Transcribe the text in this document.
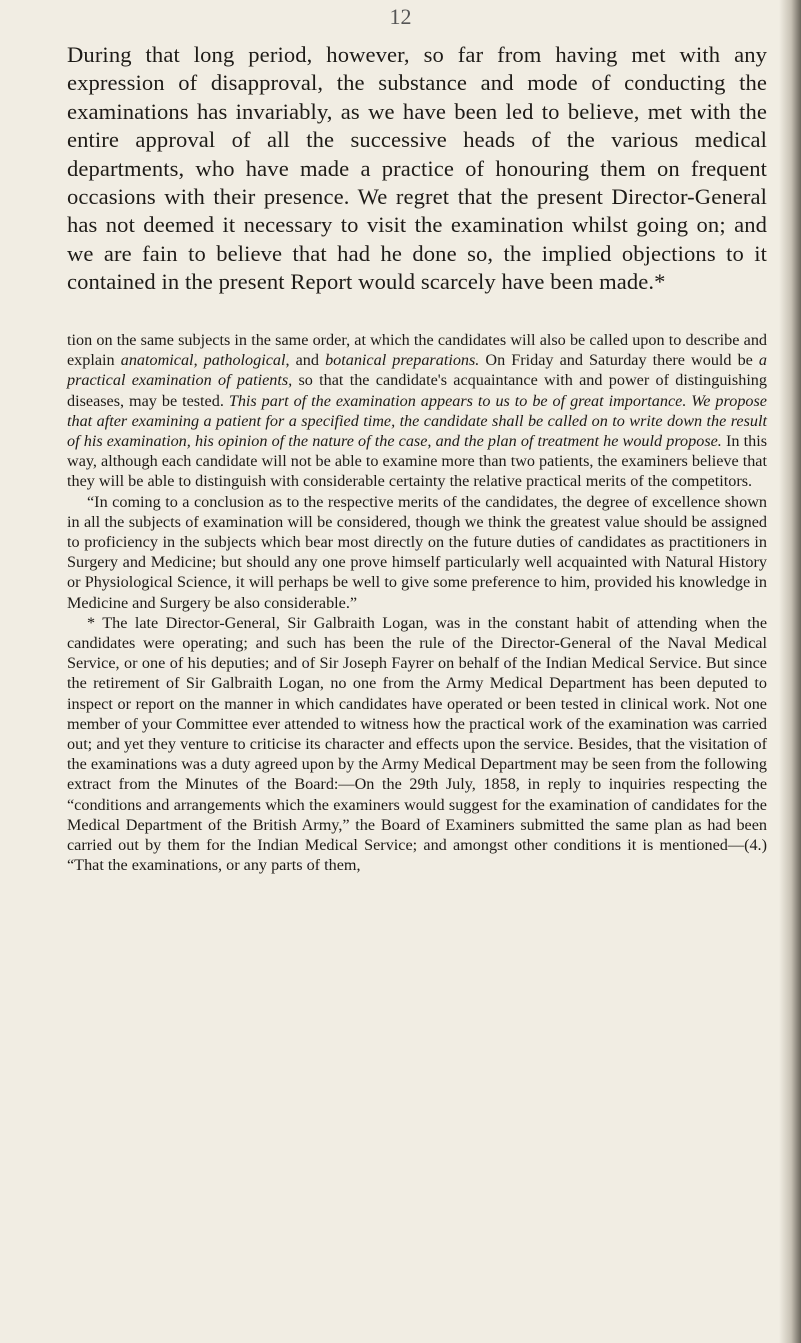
12

During that long period, however, so far from having met with any expression of disapproval, the substance and mode of conducting the examinations has invariably, as we have been led to believe, met with the entire approval of all the successive heads of the various medical departments, who have made a practice of honouring them on frequent occasions with their presence. We regret that the present Director-General has not deemed it necessary to visit the examination whilst going on; and we are fain to believe that had he done so, the implied objections to it contained in the present Report would scarcely have been made.*

tion on the same subjects in the same order, at which the candidates will also be called upon to describe and explain anatomical, pathological, and botanical preparations. On Friday and Saturday there would be a practical examination of patients, so that the candidate's acquaintance with and power of distinguishing diseases, may be tested. This part of the examination appears to us to be of great importance. We propose that after examining a patient for a specified time, the candidate shall be called on to write down the result of his examination, his opinion of the nature of the case, and the plan of treatment he would propose. In this way, although each candidate will not be able to examine more than two patients, the examiners believe that they will be able to distinguish with considerable certainty the relative practical merits of the competitors.

“In coming to a conclusion as to the respective merits of the candidates, the degree of excellence shown in all the subjects of examination will be considered, though we think the greatest value should be assigned to proficiency in the subjects which bear most directly on the future duties of candidates as practitioners in Surgery and Medicine; but should any one prove himself particularly well acquainted with Natural History or Physiological Science, it will perhaps be well to give some preference to him, provided his knowledge in Medicine and Surgery be also considerable.”

* The late Director-General, Sir Galbraith Logan, was in the constant habit of attending when the candidates were operating; and such has been the rule of the Director-General of the Naval Medical Service, or one of his deputies; and of Sir Joseph Fayrer on behalf of the Indian Medical Service. But since the retirement of Sir Galbraith Logan, no one from the Army Medical Department has been deputed to inspect or report on the manner in which candidates have operated or been tested in clinical work. Not one member of your Committee ever attended to witness how the practical work of the examination was carried out; and yet they venture to criticise its character and effects upon the service. Besides, that the visitation of the examinations was a duty agreed upon by the Army Medical Department may be seen from the following extract from the Minutes of the Board:—On the 29th July, 1858, in reply to inquiries respecting the “conditions and arrangements which the examiners would suggest for the examination of candidates for the Medical Department of the British Army,” the Board of Examiners submitted the same plan as had been carried out by them for the Indian Medical Service; and amongst other conditions it is mentioned—(4.) “That the examinations, or any parts of them,
